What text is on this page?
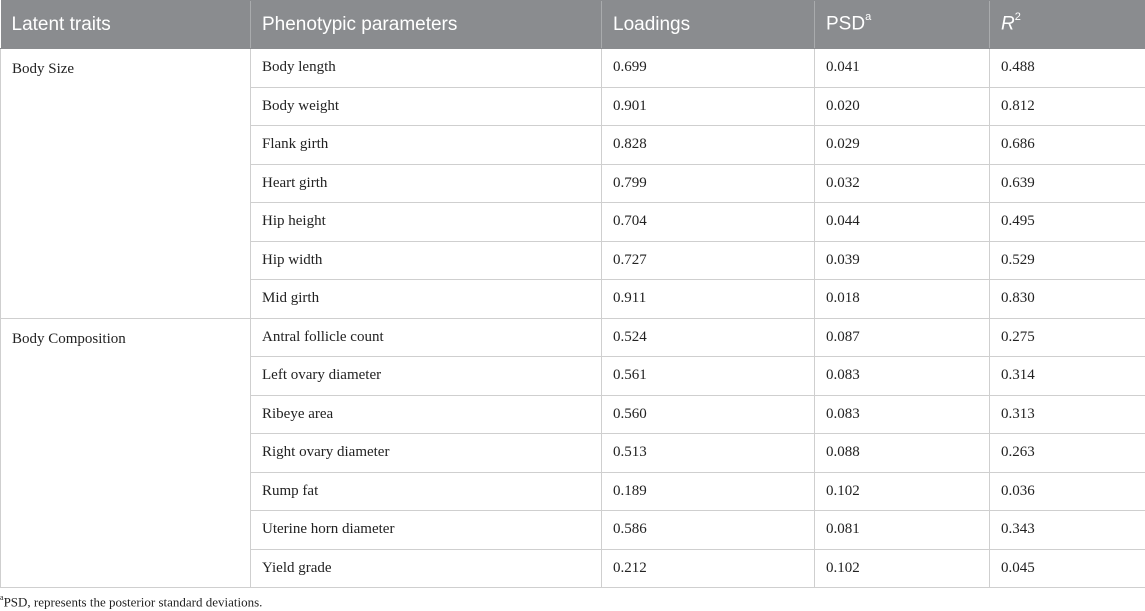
Latent traits	Phenotypic parameters	Loadings	PSD$^a$	$R^2$
Body Size	Body length	0.699	0.041	0.488
	Body weight	0.901	0.020	0.812
	Flank girth	0.828	0.029	0.686
	Heart girth	0.799	0.032	0.639
	Hip height	0.704	0.044	0.495
	Hip width	0.727	0.039	0.529
	Mid girth	0.911	0.018	0.830
Body Composition	Antral follicle count	0.524	0.087	0.275
	Left ovary diameter	0.561	0.083	0.314
	Ribeye area	0.560	0.083	0.313
	Right ovary diameter	0.513	0.088	0.263
	Rump fat	0.189	0.102	0.036
	Uterine horn diameter	0.586	0.081	0.343
	Yield grade	0.212	0.102	0.045
$^a$PSD, represents the posterior standard deviations.
